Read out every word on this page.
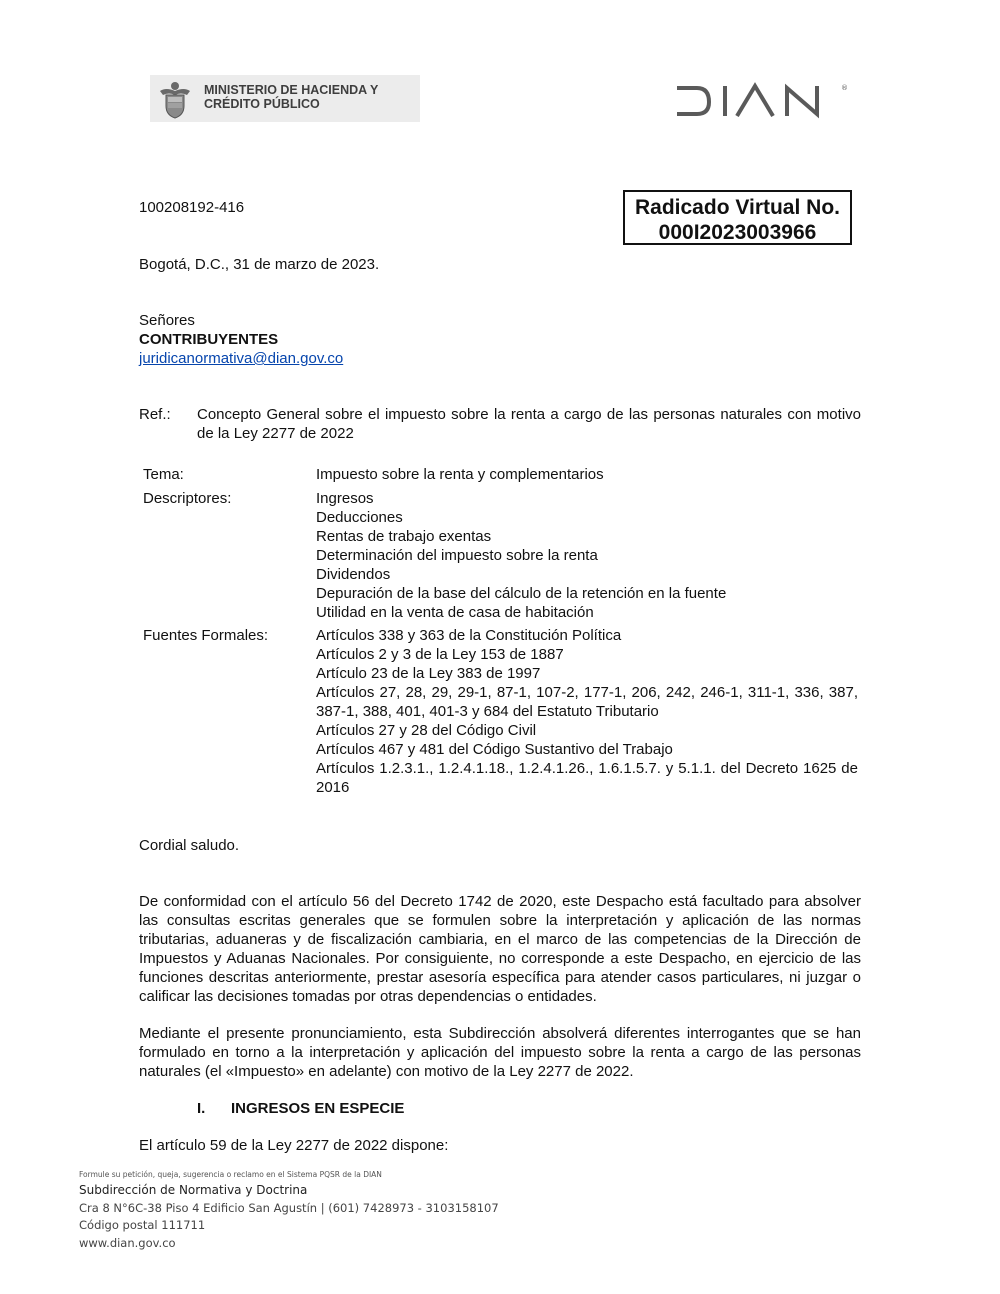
MINISTERIO DE HACIENDA Y
CRÉDITO PÚBLICO
®
100208192-416	Radicado Virtual No.
000I2023003966
Bogotá, D.C., 31 de marzo de 2023.
Señores
CONTRIBUYENTES
juridicanormativa@dian.gov.co
Ref.: Concepto General sobre el impuesto sobre la renta a cargo de las personas naturales con motivo de la Ley 2277 de 2022
Tema:	Impuesto sobre la renta y complementarios
Descriptores:	Ingresos
Deducciones
Rentas de trabajo exentas
Determinación del impuesto sobre la renta
Dividendos
Depuración de la base del cálculo de la retención en la fuente
Utilidad en la venta de casa de habitación
Fuentes Formales:	Artículos 338 y 363 de la Constitución Política
Artículos 2 y 3 de la Ley 153 de 1887
Artículo 23 de la Ley 383 de 1997
Artículos 27, 28, 29, 29-1, 87-1, 107-2, 177-1, 206, 242, 246-1, 311-1, 336, 387, 387-1, 388, 401, 401-3 y 684 del Estatuto Tributario
Artículos 27 y 28 del Código Civil
Artículos 467 y 481 del Código Sustantivo del Trabajo
Artículos 1.2.3.1., 1.2.4.1.18., 1.2.4.1.26., 1.6.1.5.7. y 5.1.1. del Decreto 1625 de 2016
Cordial saludo.
De conformidad con el artículo 56 del Decreto 1742 de 2020, este Despacho está facultado para absolver las consultas escritas generales que se formulen sobre la interpretación y aplicación de las normas tributarias, aduaneras y de fiscalización cambiaria, en el marco de las competencias de la Dirección de Impuestos y Aduanas Nacionales. Por consiguiente, no corresponde a este Despacho, en ejercicio de las funciones descritas anteriormente, prestar asesoría específica para atender casos particulares, ni juzgar o calificar las decisiones tomadas por otras dependencias o entidades.
Mediante el presente pronunciamiento, esta Subdirección absolverá diferentes interrogantes que se han formulado en torno a la interpretación y aplicación del impuesto sobre la renta a cargo de las personas naturales (el «Impuesto» en adelante) con motivo de la Ley 2277 de 2022.
I. INGRESOS EN ESPECIE
El artículo 59 de la Ley 2277 de 2022 dispone:
Formule su petición, queja, sugerencia o reclamo en el Sistema PQSR de la DIAN
Subdirección de Normativa y Doctrina
Cra 8 N°6C-38 Piso 4 Edificio San Agustín | (601) 7428973 - 3103158107
Código postal 111711
www.dian.gov.co
